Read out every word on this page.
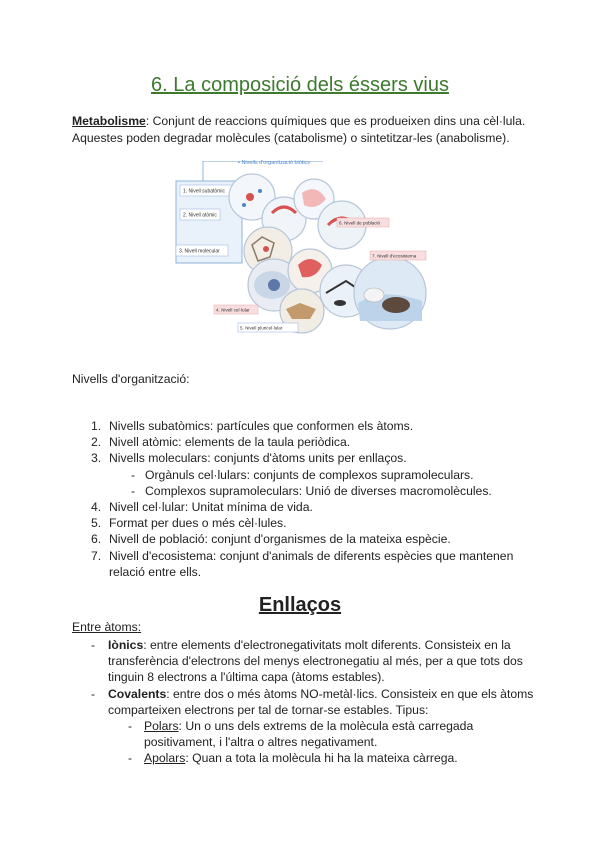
6. La composició dels éssers vius

Metabolisme: Conjunt de reaccions químiques que es produeixen dins una cèl·lula.
Aquestes poden degradar molècules (catabolisme) o sintetitzar-les (anabolisme).

• Nivells d'organització biòtics
1. Nivell subatòmic
2. Nivell atòmic
3. Nivell molecular
6. Nivell de població
7. Nivell d'ecosistema
4. Nivell cel·lular
5. Nivell pluricel·lular

Nivells d'organització:

1. Nivells subatòmics: partícules que conformen els àtoms.
2. Nivell atòmic: elements de la taula periòdica.
3. Nivells moleculars: conjunts d'àtoms units per enllaços.
- Orgànuls cel·lulars: conjunts de complexos supramoleculars.
- Complexos supramoleculars: Unió de diverses macromolècules.
4. Nivell cel·lular: Unitat mínima de vida.
5. Format per dues o més cèl·lules.
6. Nivell de població: conjunt d'organismes de la mateixa espècie.
7. Nivell d'ecosistema: conjunt d'animals de diferents espècies que mantenen relació entre ells.
Enllaços

Entre àtoms:

- Iònics: entre elements d'electronegativitats molt diferents. Consisteix en la transferència d'electrons del menys electronegatiu al més, per a que tots dos tinguin 8 electrons a l'última capa (àtoms estables).
- Covalents: entre dos o més àtoms NO-metàl·lics. Consisteix en que els àtoms comparteixen electrons per tal de tornar-se estables. Tipus:
- Polars: Un o uns dels extrems de la molècula està carregada positivament, i l'altra o altres negativament.
- Apolars: Quan a tota la molècula hi ha la mateixa càrrega.
